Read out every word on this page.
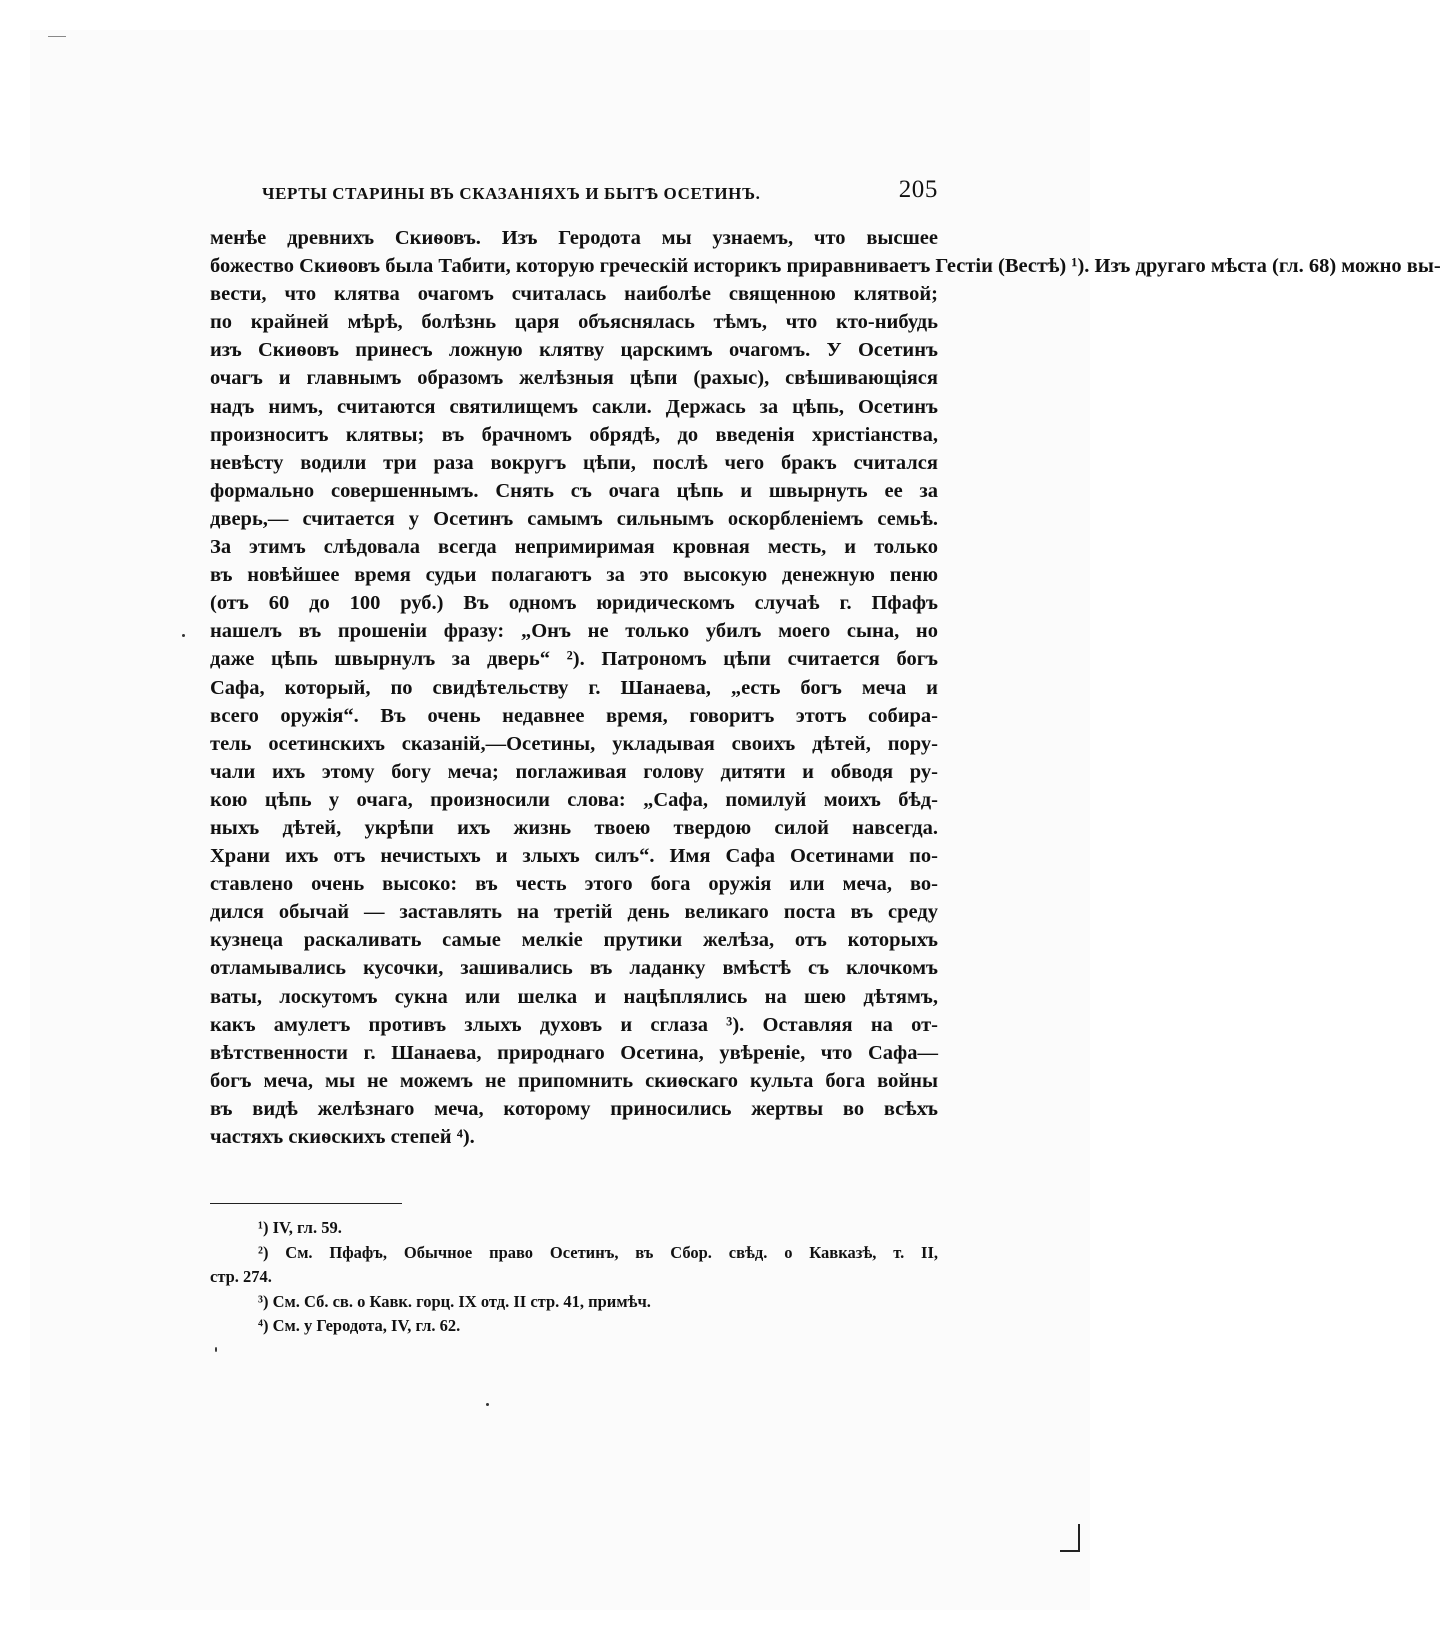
ЧЕРТЫ СТАРИНЫ ВЪ СКАЗАНІЯХЪ И БЫТѢ ОСЕТИНЪ.	205
менѣе древнихъ Скиѳовъ. Изъ Геродота мы узнаемъ, что высшее
божество Скиѳовъ была Табити, которую греческій историкъ приравниваетъ Гестіи (Вестѣ) ¹). Изъ другаго мѣста (гл. 68) можно вы-
вести, что клятва очагомъ считалась наиболѣе священною клятвой;
по крайней мѣрѣ, болѣзнь царя объяснялась тѣмъ, что кто-нибудь
изъ Скиѳовъ принесъ ложную клятву царскимъ очагомъ. У Осетинъ
очагъ и главнымъ образомъ желѣзныя цѣпи (рахыс), свѣшивающіяся
надъ нимъ, считаются святилищемъ сакли. Держась за цѣпь, Осетинъ
произноситъ клятвы; въ брачномъ обрядѣ, до введенія христіанства,
невѣсту водили три раза вокругъ цѣпи, послѣ чего бракъ считался
формально совершеннымъ. Снять съ очага цѣпь и швырнуть ее за
дверь,— считается у Осетинъ самымъ сильнымъ оскорбленіемъ семьѣ.
За этимъ слѣдовала всегда непримиримая кровная месть, и только
въ новѣйшее время судьи полагаютъ за это высокую денежную пеню
(отъ 60 до 100 руб.) Въ одномъ юридическомъ случаѣ г. Пфафъ
нашелъ въ прошеніи фразу: „Онъ не только убилъ моего сына, но
даже цѣпь швырнулъ за дверь“ ²). Патрономъ цѣпи считается богъ
Сафа, который, по свидѣтельству г. Шанаева, „есть богъ меча и
всего оружія“. Въ очень недавнее время, говоритъ этотъ собира-
тель осетинскихъ сказаній,—Осетины, укладывая своихъ дѣтей, пору-
чали ихъ этому богу меча; поглаживая голову дитяти и обводя ру-
кою цѣпь у очага, произносили слова: „Сафа, помилуй моихъ бѣд-
ныхъ дѣтей, укрѣпи ихъ жизнь твоею твердою силой навсегда.
Храни ихъ отъ нечистыхъ и злыхъ силъ“. Имя Сафа Осетинами по-
ставлено очень высоко: въ честь этого бога оружія или меча, во-
дился обычай — заставлять на третій день великаго поста въ среду
кузнеца раскаливать самые мелкіе прутики желѣза, отъ которыхъ
отламывались кусочки, зашивались въ ладанку вмѣстѣ съ клочкомъ
ваты, лоскутомъ сукна или шелка и нацѣплялись на шею дѣтямъ,
какъ амулетъ противъ злыхъ духовъ и сглаза ³). Оставляя на от-
вѣтственности г. Шанаева, природнаго Осетина, увѣреніе, что Сафа—
богъ меча, мы не можемъ не припомнить скиѳскаго культа бога войны
въ видѣ желѣзнаго меча, которому приносились жертвы во всѣхъ
частяхъ скиѳскихъ степей ⁴).
¹) IV, гл. 59.
²) См. Пфафъ, Обычное право Осетинъ, въ Сбор. свѣд. о Кавказѣ, т. II,
стр. 274.
³) См. Сб. св. о Кавк. горц. IX отд. II стр. 41, примѣч.
⁴) См. у Геродота, IV, гл. 62.
